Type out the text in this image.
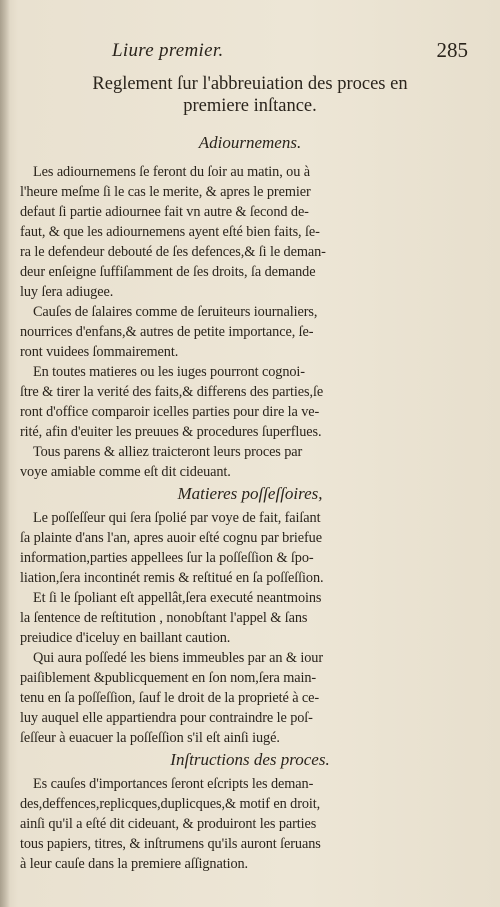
Liure premier.	285
Reglement ſur l'abbreuiation des proces en
premiere inſtance.
Adiournemens.
Les adiournemens ſe feront du ſoir au matin, ou à
l'heure meſme ſi le cas le merite, & apres le premier
defaut ſi partie adiournee fait vn autre & ſecond de-
faut, & que les adiournemens ayent eſté bien faits, ſe-
ra le defendeur debouté de ſes defences,& ſi le deman-
deur enſeigne ſuffiſamment de ſes droits, ſa demande
luy ſera adiugee.
Cauſes de ſalaires comme de ſeruiteurs iournaliers,
nourrices d'enfans,& autres de petite importance, ſe-
ront vuidees ſommairement.
En toutes matieres ou les iuges pourront cognoi-
ſtre & tirer la verité des faits,& differens des parties,ſe
ront d'office comparoir icelles parties pour dire la ve-
rité, afin d'euiter les preuues & procedures ſuperflues.
Tous parens & alliez traicteront leurs proces par
voye amiable comme eſt dit cideuant.
Matieres poſſeſſoires,
Le poſſeſſeur qui ſera ſpolié par voye de fait, faiſant
ſa plainte d'ans l'an, apres auoir eſté cognu par briefue
information,parties appellees ſur la poſſeſſion & ſpo-
liation,ſera incontinét remis & reſtitué en ſa poſſeſſion.
Et ſi le ſpoliant eſt appellât,ſera executé neantmoins
la ſentence de reſtitution , nonobſtant l'appel & ſans
preiudice d'iceluy en baillant caution.
Qui aura poſſedé les biens immeubles par an & iour
paiſiblement &publicquement en ſon nom,ſera main-
tenu en ſa poſſeſſion, ſauf le droit de la proprieté à ce-
luy auquel elle appartiendra pour contraindre le poſ-
ſeſſeur à euacuer la poſſeſſion s'il eſt ainſi iugé.
Inſtructions des proces.
Es cauſes d'importances ſeront eſcripts les deman-
des,deffences,replicques,duplicques,& motif en droit,
ainſi qu'il a eſté dit cideuant, & produiront les parties
tous papiers, titres, & inſtrumens qu'ils auront ſeruans
à leur cauſe dans la premiere aſſignation.
